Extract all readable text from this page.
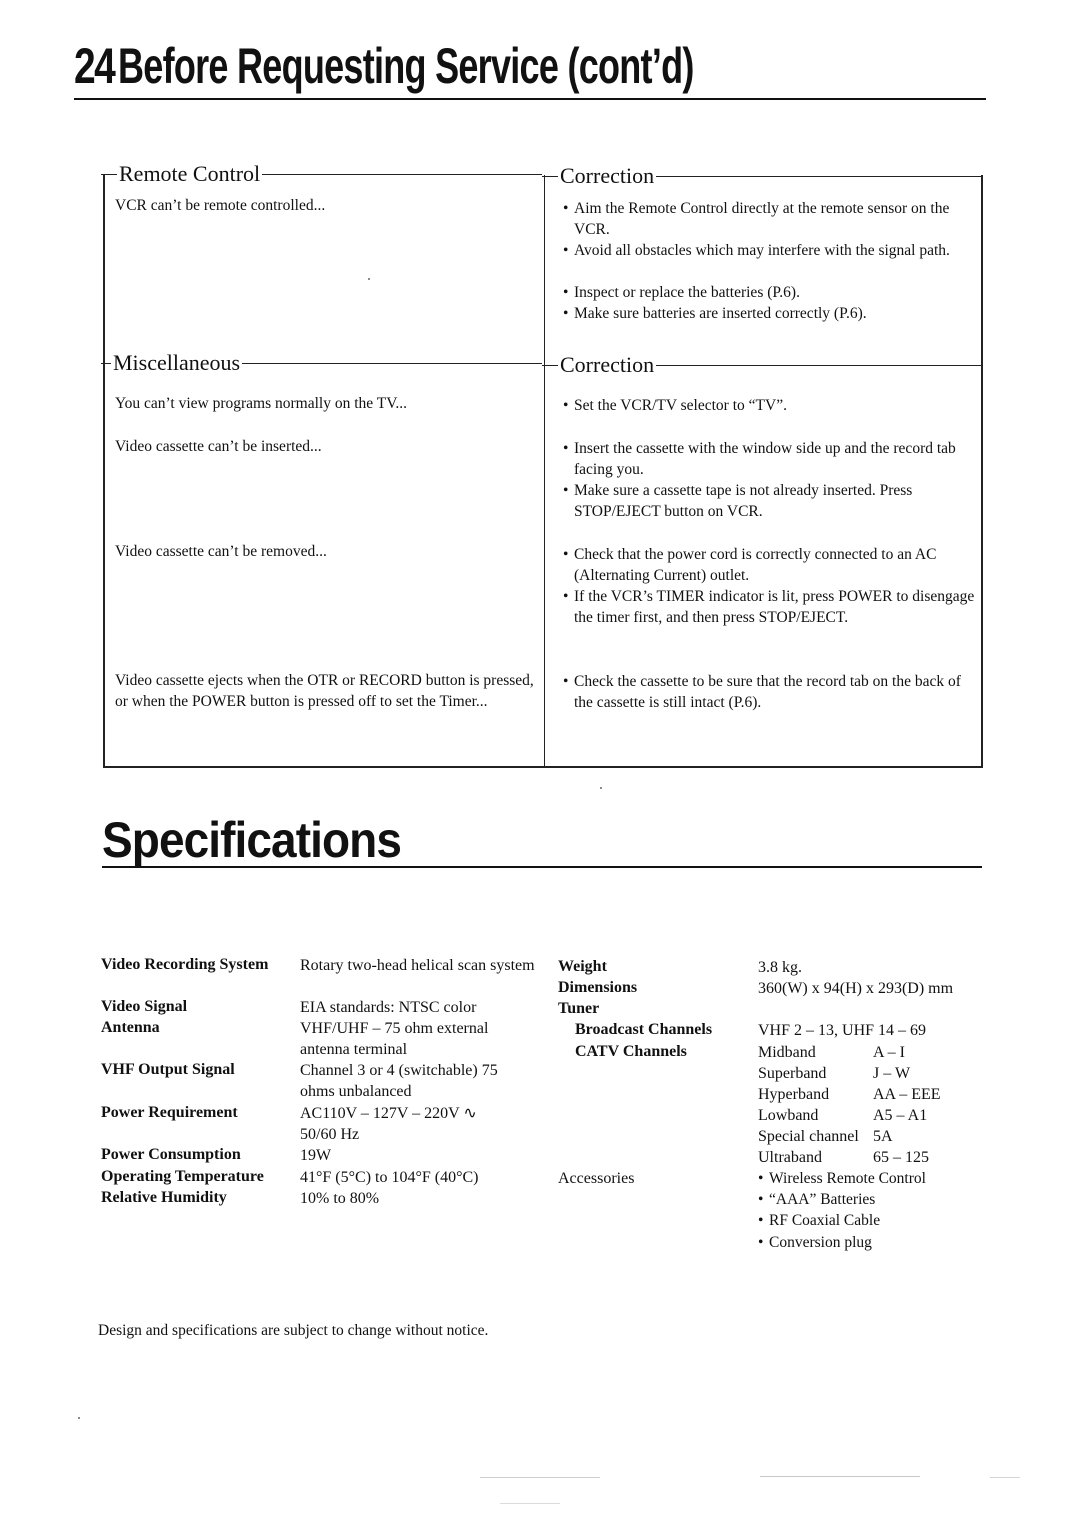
24 Before Requesting Service (cont’d)
Remote Control	Correction
VCR can’t be remote controlled...	• Aim the Remote Control directly at the remote sensor on the VCR.
• Avoid all obstacles which may interfere with the signal path.
• Inspect or replace the batteries (P.6).
• Make sure batteries are inserted correctly (P.6).
Miscellaneous	Correction
You can’t view programs normally on the TV...	• Set the VCR/TV selector to “TV”.
Video cassette can’t be inserted...	• Insert the cassette with the window side up and the record tab facing you.
• Make sure a cassette tape is not already inserted. Press STOP/EJECT button on VCR.
Video cassette can’t be removed...	• Check that the power cord is correctly connected to an AC (Alternating Current) outlet.
• If the VCR’s TIMER indicator is lit, press POWER to disengage the timer first, and then press STOP/EJECT.
Video cassette ejects when the OTR or RECORD button is pressed, or when the POWER button is pressed off to set the Timer...
• Check the cassette to be sure that the record tab on the back of the cassette is still intact (P.6).
Specifications
Video Recording System Rotary two-head helical scan system
Video Signal	EIA standards: NTSC color
Antenna	VHF/UHF – 75 ohm external antenna terminal
VHF Output Signal	Channel 3 or 4 (switchable) 75 ohms unbalanced
Power Requirement	AC110V – 127V – 220V ∿ 50/60 Hz
Power Consumption	19W
Operating Temperature 41°F (5°C) to 104°F (40°C)
Relative Humidity	10% to 80%
Weight	3.8 kg.
Dimensions	360(W) x 94(H) x 293(D) mm
Tuner
Broadcast Channels	VHF 2 – 13, UHF 14 – 69
CATV Channels	Midband	A – I
Superband	J – W
Hyperband	AA – EEE
Lowband	A5 – A1
Special channel 5A
Ultraband	65 – 125
Accessories	• Wireless Remote Control
• “AAA” Batteries
• RF Coaxial Cable
• Conversion plug
Design and specifications are subject to change without notice.
